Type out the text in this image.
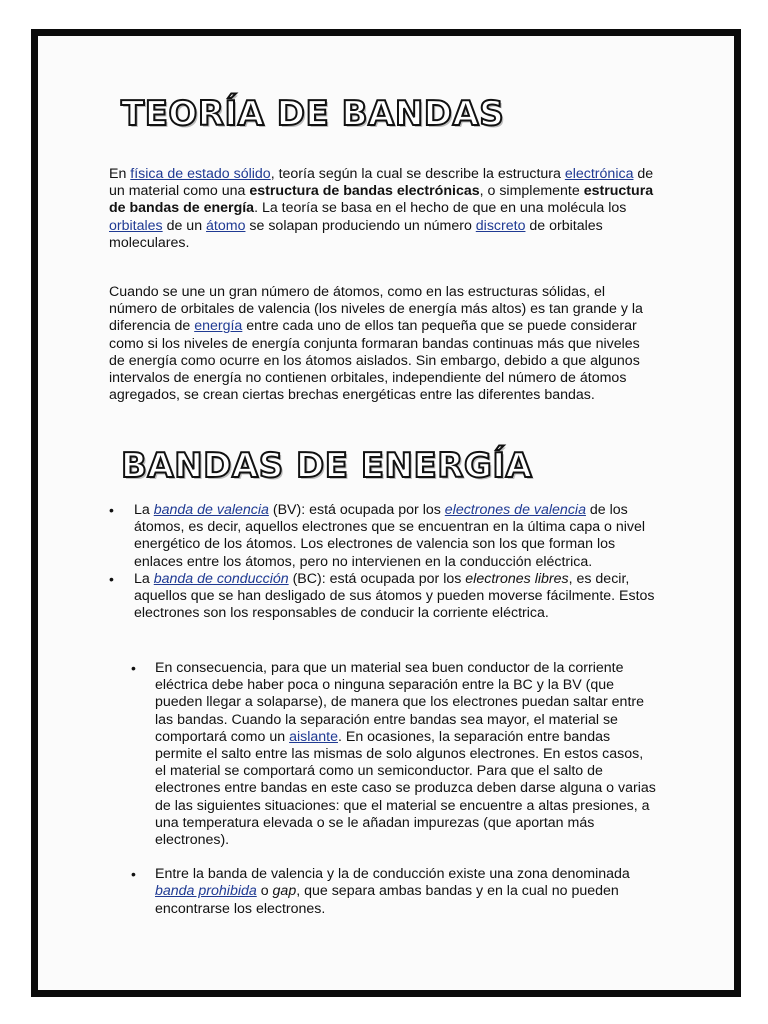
TEORÍA DE BANDAS

En física de estado sólido, teoría según la cual se describe la estructura electrónica de un material como una estructura de bandas electrónicas, o simplemente estructura de bandas de energía. La teoría se basa en el hecho de que en una molécula los orbitales de un átomo se solapan produciendo un número discreto de orbitales moleculares.

Cuando se une un gran número de átomos, como en las estructuras sólidas, el número de orbitales de valencia (los niveles de energía más altos) es tan grande y la diferencia de energía entre cada uno de ellos tan pequeña que se puede considerar como si los niveles de energía conjunta formaran bandas continuas más que niveles de energía como ocurre en los átomos aislados. Sin embargo, debido a que algunos intervalos de energía no contienen orbitales, independiente del número de átomos agregados, se crean ciertas brechas energéticas entre las diferentes bandas.

BANDAS DE ENERGÍA
• La banda de valencia (BV): está ocupada por los electrones de valencia de los átomos, es decir, aquellos electrones que se encuentran en la última capa o nivel energético de los átomos. Los electrones de valencia son los que forman los enlaces entre los átomos, pero no intervienen en la conducción eléctrica.
• La banda de conducción (BC): está ocupada por los electrones libres, es decir, aquellos que se han desligado de sus átomos y pueden moverse fácilmente. Estos electrones son los responsables de conducir la corriente eléctrica.
• En consecuencia, para que un material sea buen conductor de la corriente eléctrica debe haber poca o ninguna separación entre la BC y la BV (que pueden llegar a solaparse), de manera que los electrones puedan saltar entre las bandas. Cuando la separación entre bandas sea mayor, el material se comportará como un aislante. En ocasiones, la separación entre bandas permite el salto entre las mismas de solo algunos electrones. En estos casos, el material se comportará como un semiconductor. Para que el salto de electrones entre bandas en este caso se produzca deben darse alguna o varias de las siguientes situaciones: que el material se encuentre a altas presiones, a una temperatura elevada o se le añadan impurezas (que aportan más electrones).
• Entre la banda de valencia y la de conducción existe una zona denominada banda prohibida o gap, que separa ambas bandas y en la cual no pueden encontrarse los electrones.
